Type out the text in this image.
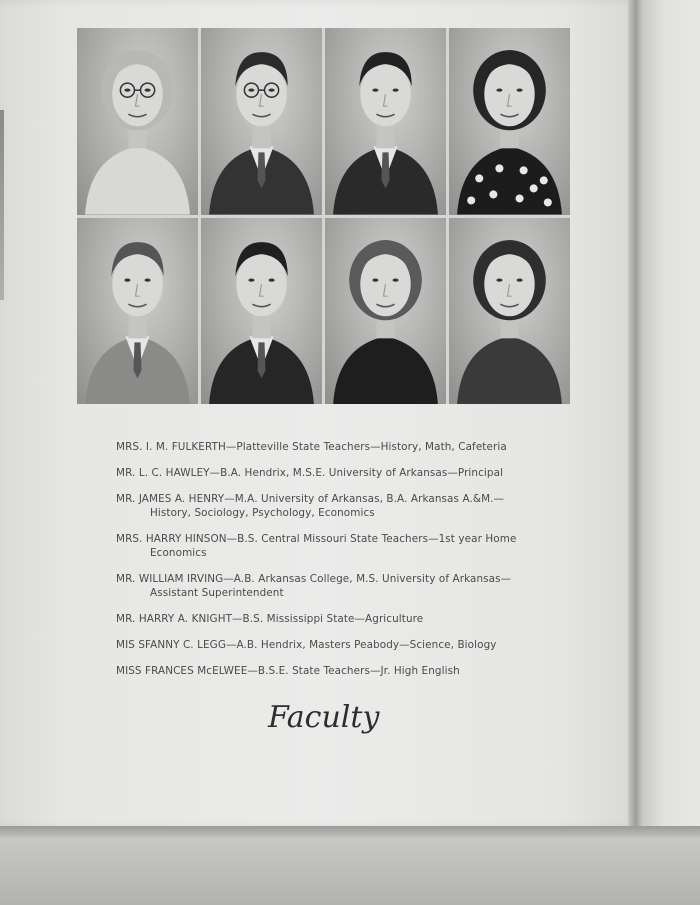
MRS. I. M. FULKERTH—Platteville State Teachers—History, Math, Cafeteria
MR. L. C. HAWLEY—B.A. Hendrix, M.S.E. University of Arkansas—Principal
MR. JAMES A. HENRY—M.A. University of Arkansas, B.A. Arkansas A.&M.—
History, Sociology, Psychology, Economics
MRS. HARRY HINSON—B.S. Central Missouri State Teachers—1st year Home
Economics
MR. WILLIAM IRVING—A.B. Arkansas College, M.S. University of Arkansas—
Assistant Superintendent
MR. HARRY A. KNIGHT—B.S. Mississippi State—Agriculture
MIS SFANNY C. LEGG—A.B. Hendrix, Masters Peabody—Science, Biology
MISS FRANCES McELWEE—B.S.E. State Teachers—Jr. High English
Faculty
